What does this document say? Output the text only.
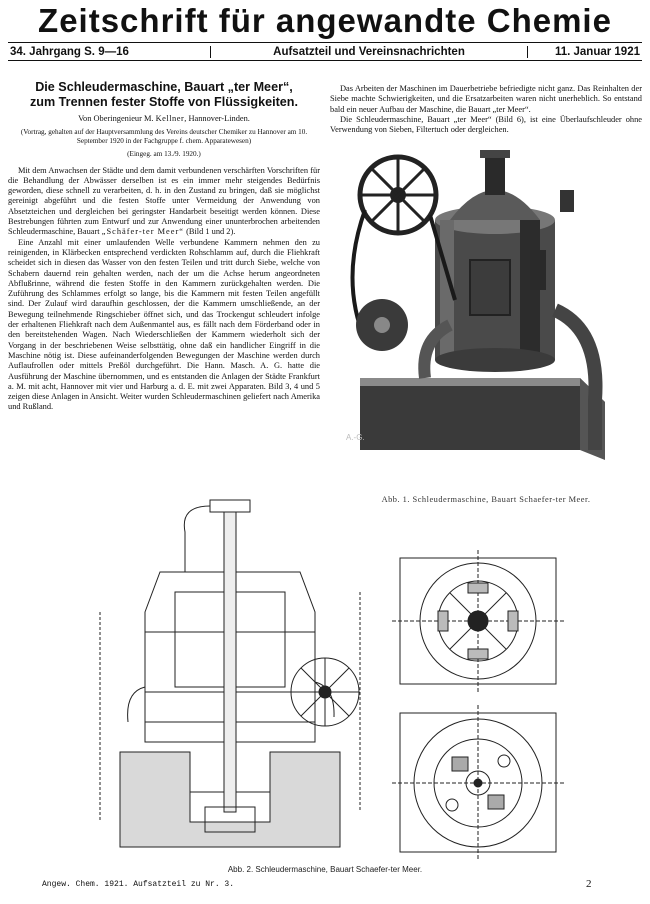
Zeitschrift für angewandte Chemie
34. Jahrgang S. 9—16	Aufsatzteil und Vereinsnachrichten	11. Januar 1921
Die Schleudermaschine, Bauart „ter Meer“,
zum Trennen fester Stoffe von Flüssigkeiten.
Von Oberingenieur M. Kellner, Hannover-Linden.
(Vortrag, gehalten auf der Hauptversammlung des Vereins deutscher Chemiker zu Hannover am 10. September 1920 in der Fachgruppe f. chem. Apparatewesen)
(Eingeg. am 13./9. 1920.)

Mit dem Anwachsen der Städte und dem damit verbundenen verschärften Vorschriften für die Behandlung der Abwässer derselben ist es ein immer mehr steigendes Bedürfnis geworden, diese schnell zu verarbeiten, d. h. in den Zustand zu bringen, daß sie möglichst gereinigt abgeführt und die festen Stoffe unter Vermeidung der Anwendung von Absetzteichen und dergleichen bei geringster Handarbeit beseitigt werden können. Diese Bestrebungen führten zum Entwurf und zur Anwendung einer ununterbrochen arbeitenden Schleudermaschine, Bauart „Schäfer-ter Meer“ (Bild 1 und 2).

Eine Anzahl mit einer umlaufenden Welle verbundene Kammern nehmen den zu reinigenden, in Klärbecken entsprechend verdickten Rohschlamm auf, durch die Fliehkraft scheidet sich in diesen das Wasser von den festen Teilen und tritt durch Siebe, welche von Schabern dauernd rein gehalten werden, nach der um die Achse herum angeordneten Abflußrinne, während die festen Stoffe in den Kammern zurückgehalten werden. Die Zuführung des Schlammes erfolgt so lange, bis die Kammern mit festen Teilen angefüllt sind. Der Zulauf wird daraufhin geschlossen, der die Kammern umschließende, an der Bewegung teilnehmende Ringschieber öffnet sich, und das Trockengut schleudert infolge der erhaltenen Fliehkraft nach dem Außenmantel aus, es fällt nach dem Förderband oder in den bereitstehenden Wagen. Nach Wiederschließen der Kammern wiederholt sich der Vorgang in der beschriebenen Weise selbsttätig, ohne daß ein handlicher Eingriff in die Maschine nötig ist. Diese aufeinanderfolgenden Bewegungen der Maschine werden durch Auflaufrollen oder mittels Preßöl durchgeführt. Die Hann. Masch. A. G. hatte die Ausführung der Maschine übernommen, und es entstanden die Anlagen der Städte Frankfurt a. M. mit acht, Hannover mit vier und Harburg a. d. E. mit zwei Apparaten. Bild 3, 4 und 5 zeigen diese Anlagen in Ansicht. Weiter wurden Schleudermaschinen geliefert nach Amerika und Rußland.

Das Arbeiten der Maschinen im Dauerbetriebe befriedigte nicht ganz. Das Reinhalten der Siebe machte Schwierigkeiten, und die Ersatzarbeiten waren nicht unerheblich. So entstand bald ein neuer Aufbau der Maschine, die Bauart „ter Meer“.

Die Schleudermaschine, Bauart „ter Meer“ (Bild 6), ist eine Überlaufschleuder ohne Verwendung von Sieben, Filtertuch oder dergleichen.

A.-G.
Abb. 1. Schleudermaschine, Bauart Schaefer-ter Meer.
Abb. 2. Schleudermaschine, Bauart Schaefer-ter Meer.
Angew. Chem. 1921. Aufsatzteil zu Nr. 3.	2
